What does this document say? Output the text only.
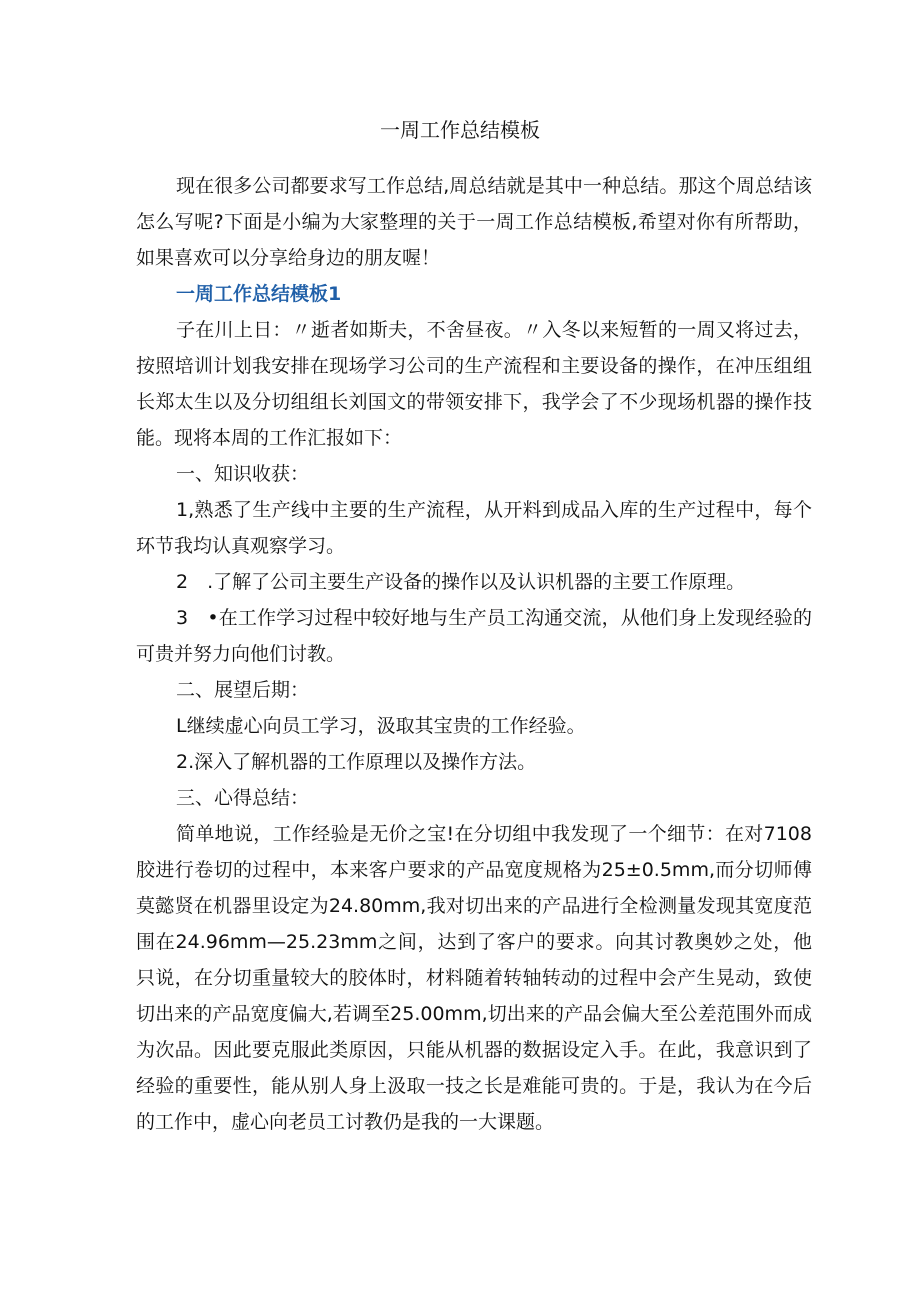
一周工作总结模板

现在很多公司都要求写工作总结,周总结就是其中一种总结。那这个周总结该怎么写呢?下面是小编为大家整理的关于一周工作总结模板,希望对你有所帮助，如果喜欢可以分享给身边的朋友喔！

一周工作总结模板1

子在川上日：〃逝者如斯夫，不舍昼夜。〃入冬以来短暂的一周又将过去，按照培训计划我安排在现场学习公司的生产流程和主要设备的操作，在冲压组组长郑太生以及分切组组长刘国文的带领安排下，我学会了不少现场机器的操作技能。现将本周的工作汇报如下：

一、知识收获：

1,熟悉了生产线中主要的生产流程，从开料到成品入库的生产过程中，每个环节我均认真观察学习。

2　.了解了公司主要生产设备的操作以及认识机器的主要工作原理。

3　•在工作学习过程中较好地与生产员工沟通交流，从他们身上发现经验的可贵并努力向他们讨教。

二、展望后期：

L继续虚心向员工学习，汲取其宝贵的工作经验。

2.深入了解机器的工作原理以及操作方法。

三、心得总结：

简单地说，工作经验是无价之宝!在分切组中我发现了一个细节：在对7108胶进行卷切的过程中，本来客户要求的产品宽度规格为25±0.5mm,而分切师傅莫懿贤在机器里设定为24.80mm,我对切出来的产品进行全检测量发现其宽度范围在24.96mm—25.23mm之间，达到了客户的要求。向其讨教奥妙之处，他只说，在分切重量较大的胶体时，材料随着转轴转动的过程中会产生晃动，致使切出来的产品宽度偏大,若调至25.00mm,切出来的产品会偏大至公差范围外而成为次品。因此要克服此类原因，只能从机器的数据设定入手。在此，我意识到了经验的重要性，能从别人身上汲取一技之长是难能可贵的。于是，我认为在今后的工作中，虚心向老员工讨教仍是我的一大课题。
